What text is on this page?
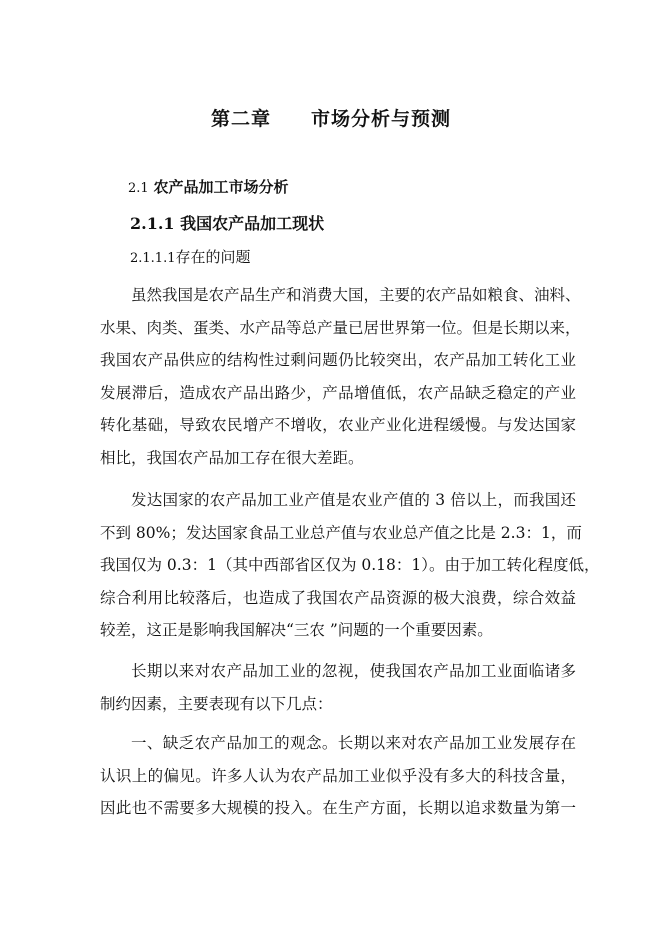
第二章　　市场分析与预测
2.1 农产品加工市场分析
2.1.1 我国农产品加工现状
2.1.1.1存在的问题
虽然我国是农产品生产和消费大国，主要的农产品如粮食、油料、
水果、肉类、蛋类、水产品等总产量已居世界第一位。但是长期以来，
我国农产品供应的结构性过剩问题仍比较突出，农产品加工转化工业
发展滞后，造成农产品出路少，产品增值低，农产品缺乏稳定的产业
转化基础，导致农民增产不增收，农业产业化进程缓慢。与发达国家
相比，我国农产品加工存在很大差距。
发达国家的农产品加工业产值是农业产值的 3 倍以上，而我国还
不到 80%；发达国家食品工业总产值与农业总产值之比是 2.3：1，而
我国仅为 0.3：1（其中西部省区仅为 0.18：1）。由于加工转化程度低，
综合利用比较落后，也造成了我国农产品资源的极大浪费，综合效益
较差，这正是影响我国解决“三农 ”问题的一个重要因素。
长期以来对农产品加工业的忽视，使我国农产品加工业面临诸多
制约因素，主要表现有以下几点：
一、缺乏农产品加工的观念。长期以来对农产品加工业发展存在
认识上的偏见。许多人认为农产品加工业似乎没有多大的科技含量，
因此也不需要多大规模的投入。在生产方面，长期以追求数量为第一
